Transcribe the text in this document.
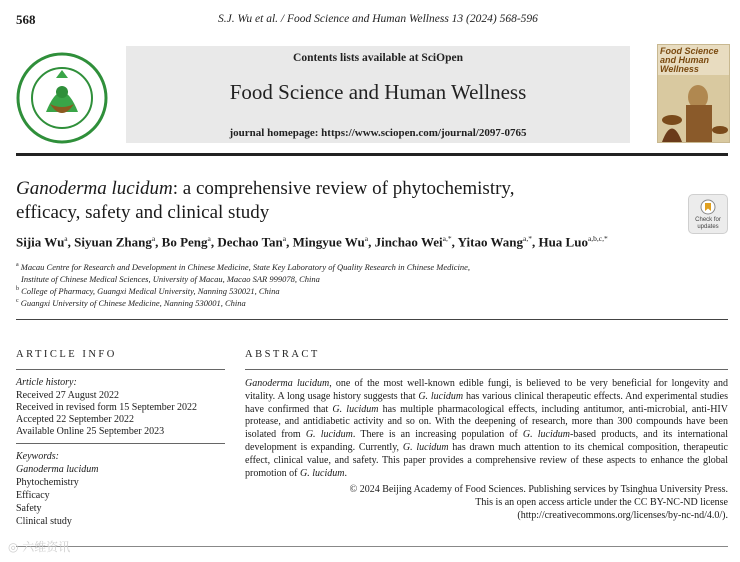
568	S.J. Wu et al. / Food Science and Human Wellness 13 (2024) 568-596
Contents lists available at SciOpen
Food Science and Human Wellness
journal homepage: https://www.sciopen.com/journal/2097-0765
Food Science and Human Wellness
Ganoderma lucidum: a comprehensive review of phytochemistry,
efficacy, safety and clinical study	Check for updates
Sijia Wu$^a$, Siyuan Zhang$^a$, Bo Peng$^a$, Dechao Tan$^a$, Mingyue Wu$^a$, Jinchao Wei$^{a,*}$, Yitao Wang$^{a,*}$, Hua Luo$^{a,b,c,*}$
$^a$ Macau Centre for Research and Development in Chinese Medicine, State Key Laboratory of Quality Research in Chinese Medicine,
Institute of Chinese Medical Sciences, University of Macau, Macao SAR 999078, China
$^b$ College of Pharmacy, Guangxi Medical University, Nanning 530021, China
$^c$ Guangxi University of Chinese Medicine, Nanning 530001, China
ARTICLE INFO	ABSTRACT
Article history:
Received 27 August 2022
Received in revised form 15 September 2022
Accepted 22 September 2022
Available Online 25 September 2023
Keywords:
Ganoderma lucidum
Phytochemistry
Efficacy
Safety
Clinical study
Ganoderma lucidum, one of the most well-known edible fungi, is believed to be very beneficial for longevity and vitality. A long usage history suggests that G. lucidum has various clinical therapeutic effects. And experimental studies have confirmed that G. lucidum has multiple pharmacological effects, including antitumor, anti-microbial, anti-HIV protease, and antidiabetic activity and so on. With the deepening of research, more than 300 compounds have been isolated from G. lucidum. There is an increasing population of G. lucidum-based products, and its international development is expanding. Currently, G. lucidum has drawn much attention to its chemical composition, therapeutic effect, clinical value, and safety. This paper provides a comprehensive review of these aspects to enhance the global promotion of G. lucidum.
© 2024 Beijing Academy of Food Sciences. Publishing services by Tsinghua University Press.
This is an open access article under the CC BY-NC-ND license
(http://creativecommons.org/licenses/by-nc-nd/4.0/).
◎ 六维资讯
